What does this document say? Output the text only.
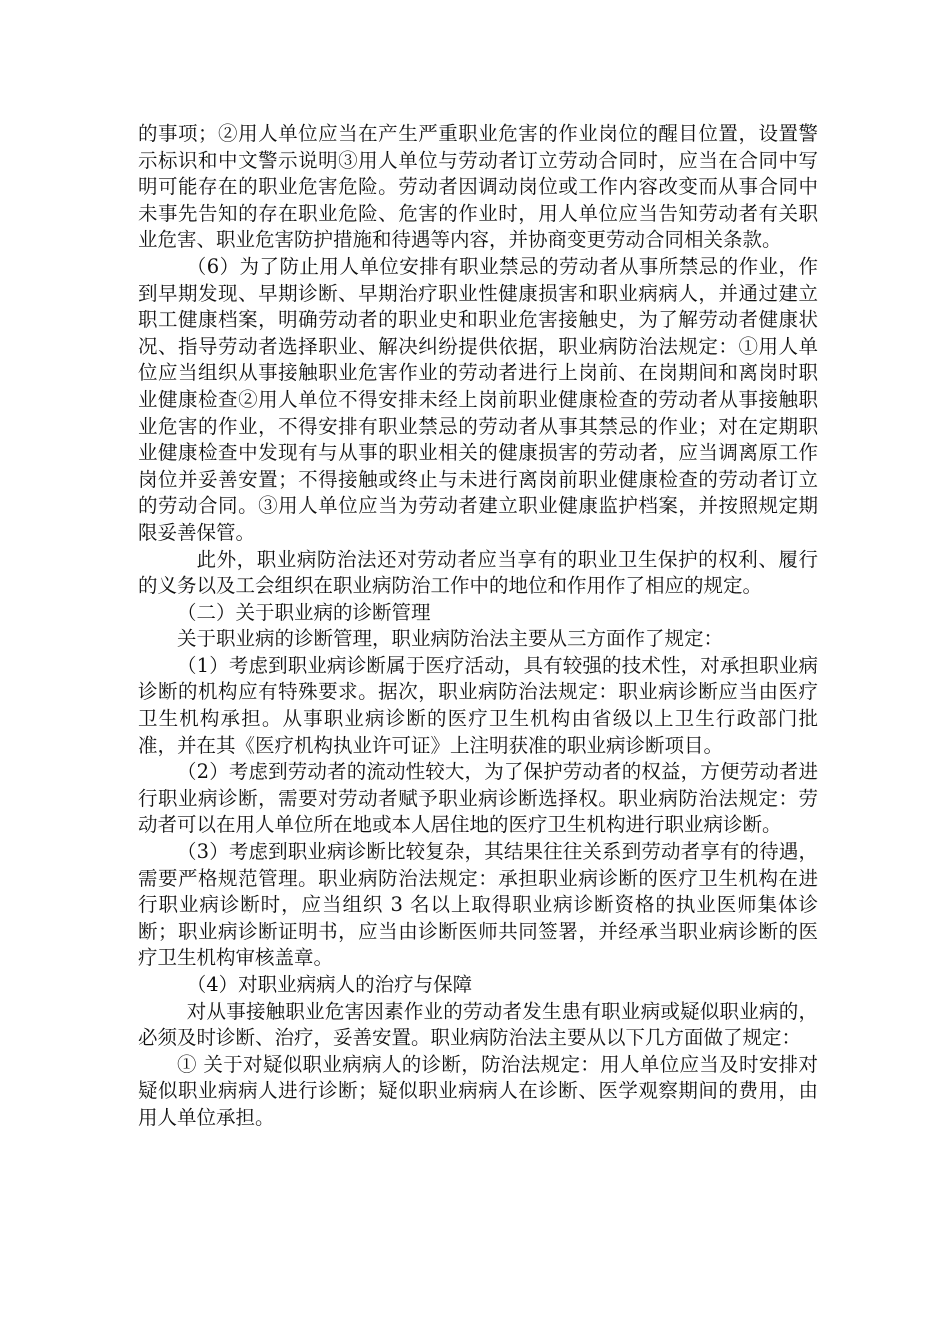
的事项；②用人单位应当在产生严重职业危害的作业岗位的醒目位置，设置警示标识和中文警示说明③用人单位与劳动者订立劳动合同时，应当在合同中写明可能存在的职业危害危险。劳动者因调动岗位或工作内容改变而从事合同中未事先告知的存在职业危险、危害的作业时，用人单位应当告知劳动者有关职业危害、职业危害防护措施和待遇等内容，并协商变更劳动合同相关条款。

（6）为了防止用人单位安排有职业禁忌的劳动者从事所禁忌的作业，作到早期发现、早期诊断、早期治疗职业性健康损害和职业病病人，并通过建立职工健康档案，明确劳动者的职业史和职业危害接触史，为了解劳动者健康状况、指导劳动者选择职业、解决纠纷提供依据，职业病防治法规定：①用人单位应当组织从事接触职业危害作业的劳动者进行上岗前、在岗期间和离岗时职业健康检查②用人单位不得安排未经上岗前职业健康检查的劳动者从事接触职业危害的作业，不得安排有职业禁忌的劳动者从事其禁忌的作业；对在定期职业健康检查中发现有与从事的职业相关的健康损害的劳动者，应当调离原工作岗位并妥善安置；不得接触或终止与未进行离岗前职业健康检查的劳动者订立的劳动合同。③用人单位应当为劳动者建立职业健康监护档案，并按照规定期限妥善保管。

此外，职业病防治法还对劳动者应当享有的职业卫生保护的权利、履行的义务以及工会组织在职业病防治工作中的地位和作用作了相应的规定。

（二）关于职业病的诊断管理

关于职业病的诊断管理，职业病防治法主要从三方面作了规定：

（1）考虑到职业病诊断属于医疗活动，具有较强的技术性，对承担职业病诊断的机构应有特殊要求。据次，职业病防治法规定：职业病诊断应当由医疗卫生机构承担。从事职业病诊断的医疗卫生机构由省级以上卫生行政部门批准，并在其《医疗机构执业许可证》上注明获准的职业病诊断项目。

（2）考虑到劳动者的流动性较大，为了保护劳动者的权益，方便劳动者进行职业病诊断，需要对劳动者赋予职业病诊断选择权。职业病防治法规定：劳动者可以在用人单位所在地或本人居住地的医疗卫生机构进行职业病诊断。

（3）考虑到职业病诊断比较复杂，其结果往往关系到劳动者享有的待遇，需要严格规范管理。职业病防治法规定：承担职业病诊断的医疗卫生机构在进行职业病诊断时，应当组织 3 名以上取得职业病诊断资格的执业医师集体诊断；职业病诊断证明书，应当由诊断医师共同签署，并经承当职业病诊断的医疗卫生机构审核盖章。

（4）对职业病病人的治疗与保障

对从事接触职业危害因素作业的劳动者发生患有职业病或疑似职业病的，必须及时诊断、治疗，妥善安置。职业病防治法主要从以下几方面做了规定：

① 关于对疑似职业病病人的诊断，防治法规定：用人单位应当及时安排对疑似职业病病人进行诊断；疑似职业病病人在诊断、医学观察期间的费用，由用人单位承担。
